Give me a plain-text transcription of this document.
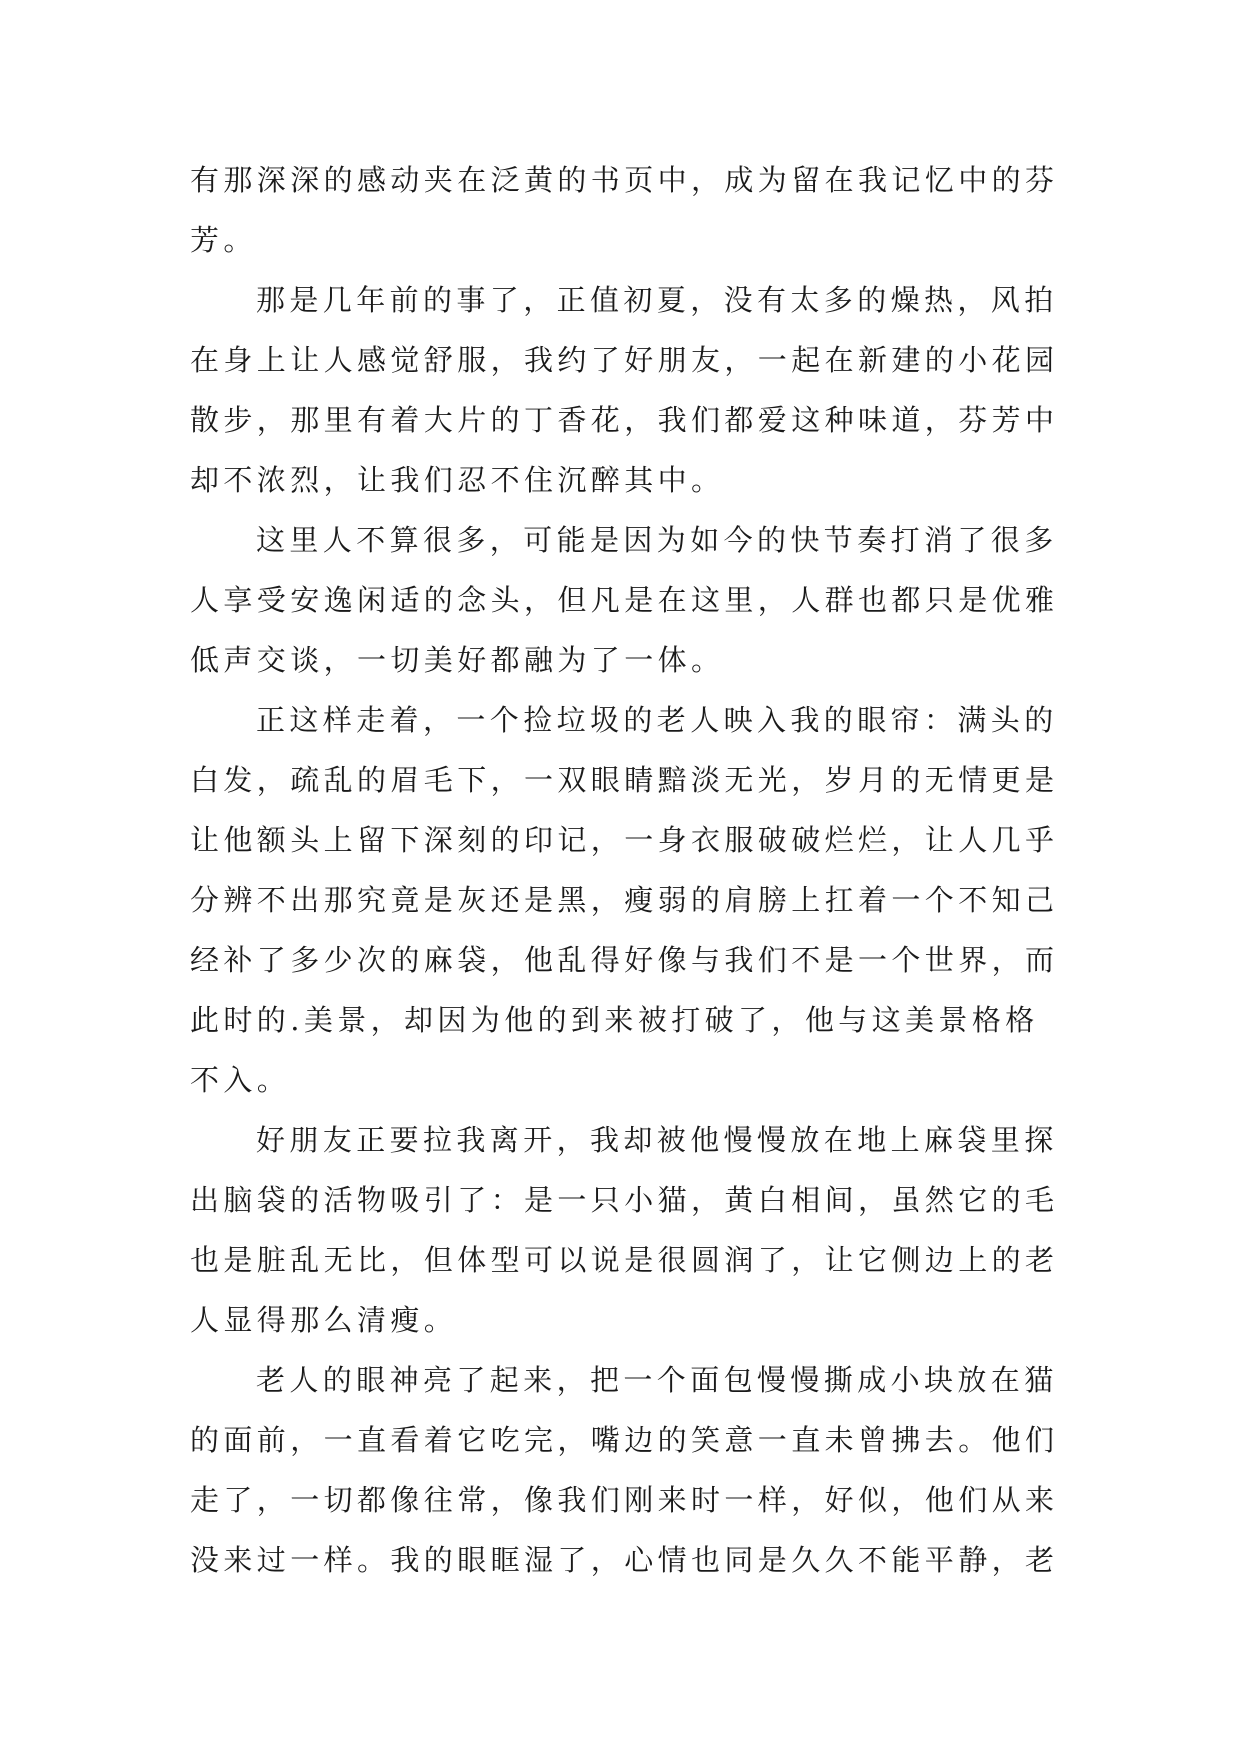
有那深深的感动夹在泛黄的书页中，成为留在我记忆中的芬
芳。
那是几年前的事了，正值初夏，没有太多的燥热，风拍
在身上让人感觉舒服，我约了好朋友，一起在新建的小花园
散步，那里有着大片的丁香花，我们都爱这种味道，芬芳中
却不浓烈，让我们忍不住沉醉其中。
这里人不算很多，可能是因为如今的快节奏打消了很多
人享受安逸闲适的念头，但凡是在这里，人群也都只是优雅
低声交谈，一切美好都融为了一体。
正这样走着，一个捡垃圾的老人映入我的眼帘：满头的
白发，疏乱的眉毛下，一双眼睛黯淡无光，岁月的无情更是
让他额头上留下深刻的印记，一身衣服破破烂烂，让人几乎
分辨不出那究竟是灰还是黑，瘦弱的肩膀上扛着一个不知己
经补了多少次的麻袋，他乱得好像与我们不是一个世界，而
此时的.美景，却因为他的到来被打破了，他与这美景格格
不入。
好朋友正要拉我离开，我却被他慢慢放在地上麻袋里探
出脑袋的活物吸引了：是一只小猫，黄白相间，虽然它的毛
也是脏乱无比，但体型可以说是很圆润了，让它侧边上的老
人显得那么清瘦。
老人的眼神亮了起来，把一个面包慢慢撕成小块放在猫
的面前，一直看着它吃完，嘴边的笑意一直未曾拂去。他们
走了，一切都像往常，像我们刚来时一样，好似，他们从来
没来过一样。我的眼眶湿了，心情也同是久久不能平静，老
